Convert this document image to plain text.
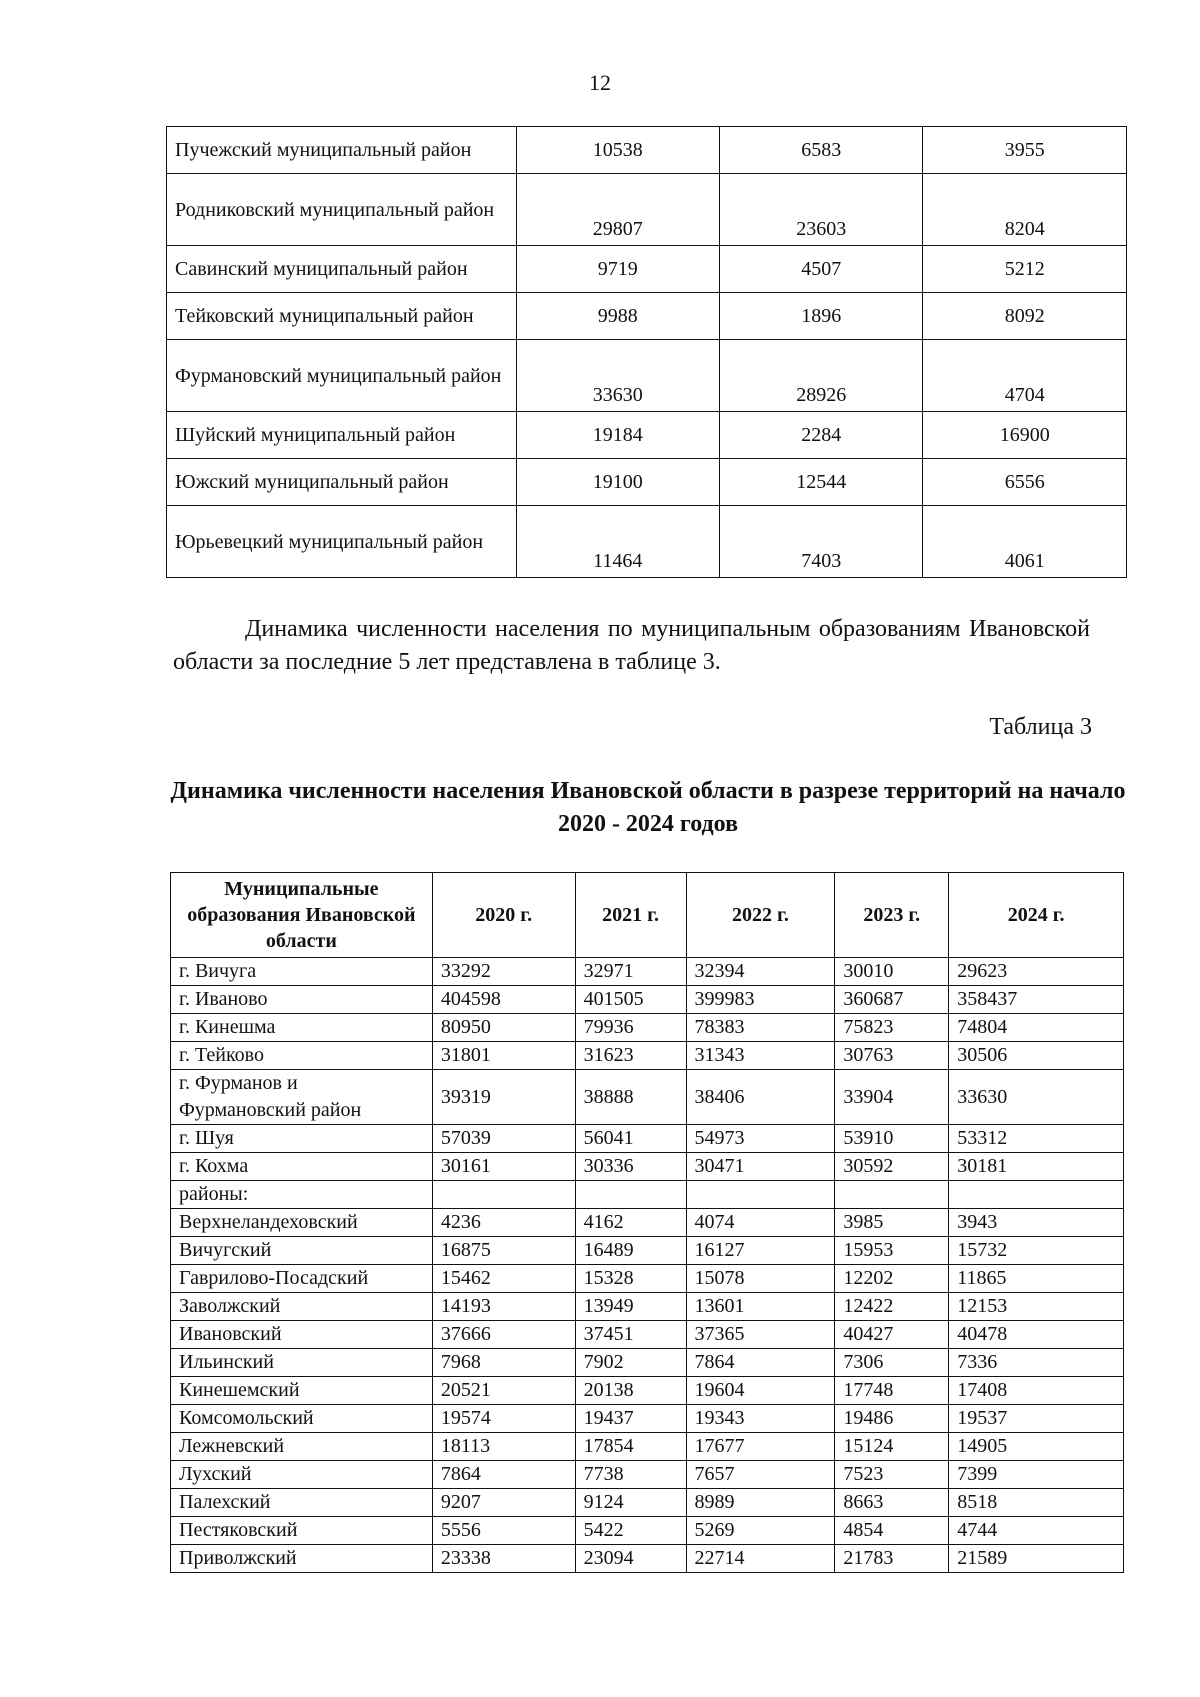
12
Пучежский муниципальный район	10538	6583	3955
Родниковский муниципальный район	29807	23603	8204
Савинский муниципальный район	9719	4507	5212
Тейковский муниципальный район	9988	1896	8092
Фурмановский муниципальный район	33630	28926	4704
Шуйский муниципальный район	19184	2284	16900
Южский муниципальный район	19100	12544	6556
Юрьевецкий муниципальный район	11464	7403	4061
Динамика численности населения по муниципальным образованиям Ивановской области за последние 5 лет представлена в таблице 3.
Таблица 3
Динамика численности населения Ивановской области в разрезе территорий на начало 2020 - 2024 годов
Муниципальные образования Ивановской области	2020 г.	2021 г.	2022 г.	2023 г.	2024 г.
г. Вичуга	33292	32971	32394	30010	29623
г. Иваново	404598	401505	399983	360687	358437
г. Кинешма	80950	79936	78383	75823	74804
г. Тейково	31801	31623	31343	30763	30506
г. Фурманов и Фурмановский район	39319	38888	38406	33904	33630
г. Шуя	57039	56041	54973	53910	53312
г. Кохма	30161	30336	30471	30592	30181
районы:					
Верхнеландеховский	4236	4162	4074	3985	3943
Вичугский	16875	16489	16127	15953	15732
Гаврилово-Посадский	15462	15328	15078	12202	11865
Заволжский	14193	13949	13601	12422	12153
Ивановский	37666	37451	37365	40427	40478
Ильинский	7968	7902	7864	7306	7336
Кинешемский	20521	20138	19604	17748	17408
Комсомольский	19574	19437	19343	19486	19537
Лежневский	18113	17854	17677	15124	14905
Лухский	7864	7738	7657	7523	7399
Палехский	9207	9124	8989	8663	8518
Пестяковский	5556	5422	5269	4854	4744
Приволжский	23338	23094	22714	21783	21589
